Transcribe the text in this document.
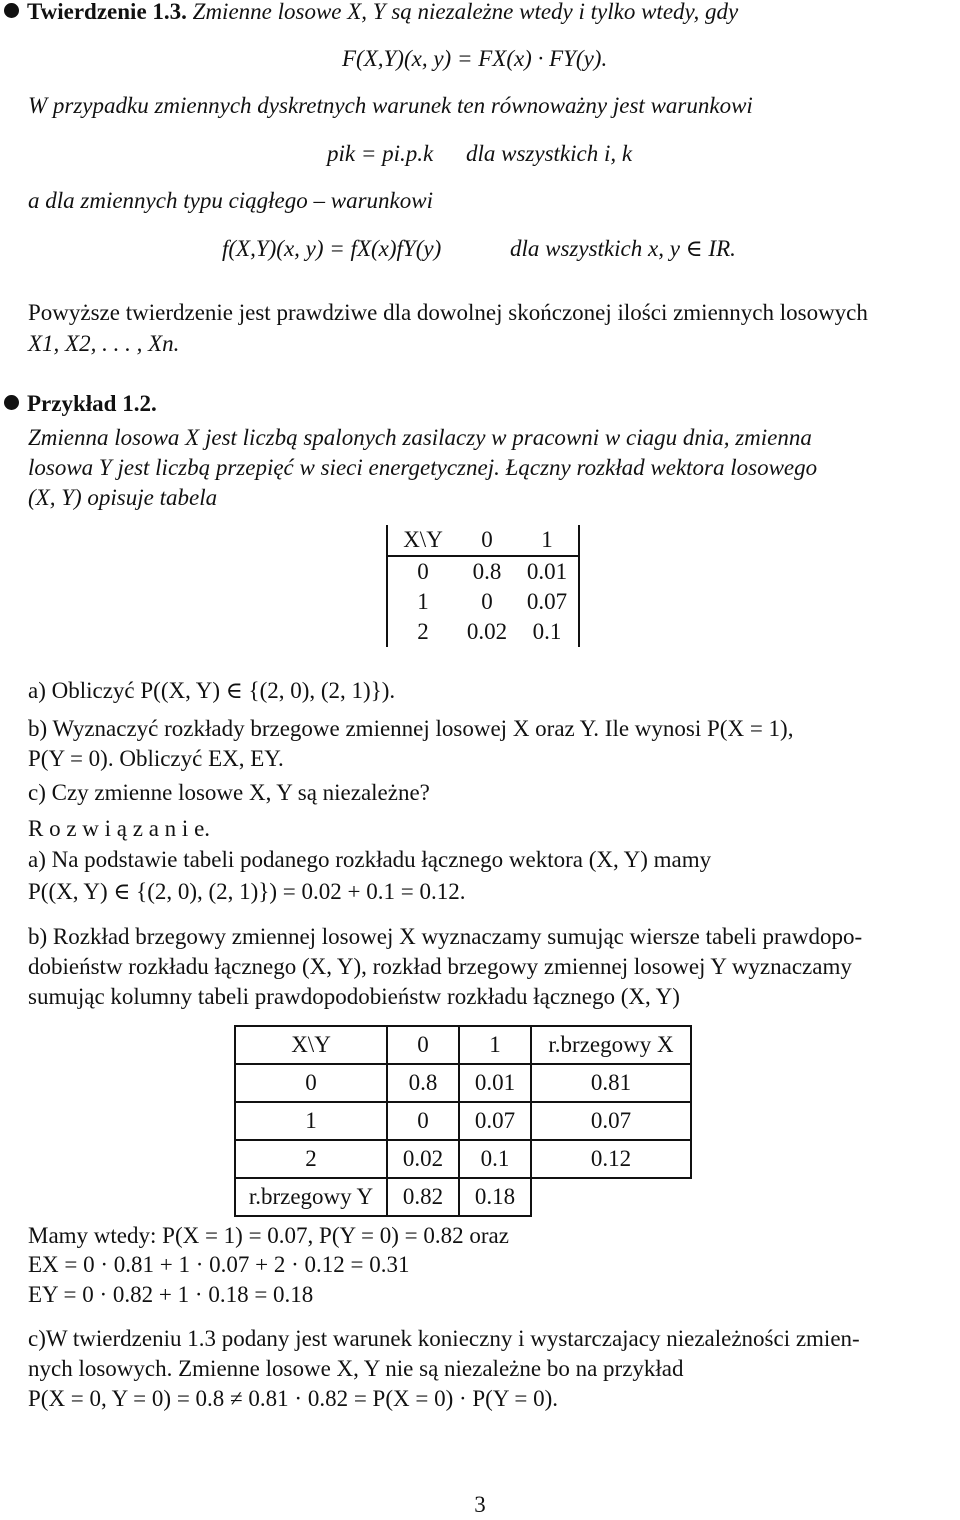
Twierdzenie 1.3. Zmienne losowe X, Y są niezależne wtedy i tylko wtedy, gdy
F(X,Y)(x, y) = FX(x) · FY(y).
W przypadku zmiennych dyskretnych warunek ten równoważny jest warunkowi
pik = pi.p.k dla wszystkich i, k
a dla zmiennych typu ciągłego – warunkowi
f(X,Y)(x, y) = fX(x)fY(y)	dla wszystkich x, y ∈ IR.
Powyższe twierdzenie jest prawdziwe dla dowolnej skończonej ilości zmiennych losowych
X1, X2, . . . , Xn.
Przykład 1.2.
Zmienna losowa X jest liczbą spalonych zasilaczy w pracowni w ciagu dnia, zmienna
losowa Y jest liczbą przepięć w sieci energetycznej. Łączny rozkład wektora losowego
(X, Y) opisuje tabela
X\Y	0	1
0	0.8	0.01
1	0	0.07
2	0.02	0.1
a) Obliczyć P((X, Y) ∈ {(2, 0), (2, 1)}).
b) Wyznaczyć rozkłady brzegowe zmiennej losowej X oraz Y. Ile wynosi P(X = 1),
P(Y = 0). Obliczyć EX, EY.
c) Czy zmienne losowe X, Y są niezależne?
R o z w i ą z a n i e.
a) Na podstawie tabeli podanego rozkładu łącznego wektora (X, Y) mamy
P((X, Y) ∈ {(2, 0), (2, 1)}) = 0.02 + 0.1 = 0.12.
b) Rozkład brzegowy zmiennej losowej X wyznaczamy sumując wiersze tabeli prawdopo-
dobieństw rozkładu łącznego (X, Y), rozkład brzegowy zmiennej losowej Y wyznaczamy
sumując kolumny tabeli prawdopodobieństw rozkładu łącznego (X, Y)
X\Y	0	1	r.brzegowy X
0	0.8	0.01	0.81
1	0	0.07	0.07
2	0.02	0.1	0.12
r.brzegowy Y	0.82	0.18	
Mamy wtedy: P(X = 1) = 0.07, P(Y = 0) = 0.82 oraz
EX = 0 · 0.81 + 1 · 0.07 + 2 · 0.12 = 0.31
EY = 0 · 0.82 + 1 · 0.18 = 0.18
c)W twierdzeniu 1.3 podany jest warunek konieczny i wystarczajacy niezależności zmien-
nych losowych. Zmienne losowe X, Y nie są niezależne bo na przykład
P(X = 0, Y = 0) = 0.8 ≠ 0.81 · 0.82 = P(X = 0) · P(Y = 0).
3
